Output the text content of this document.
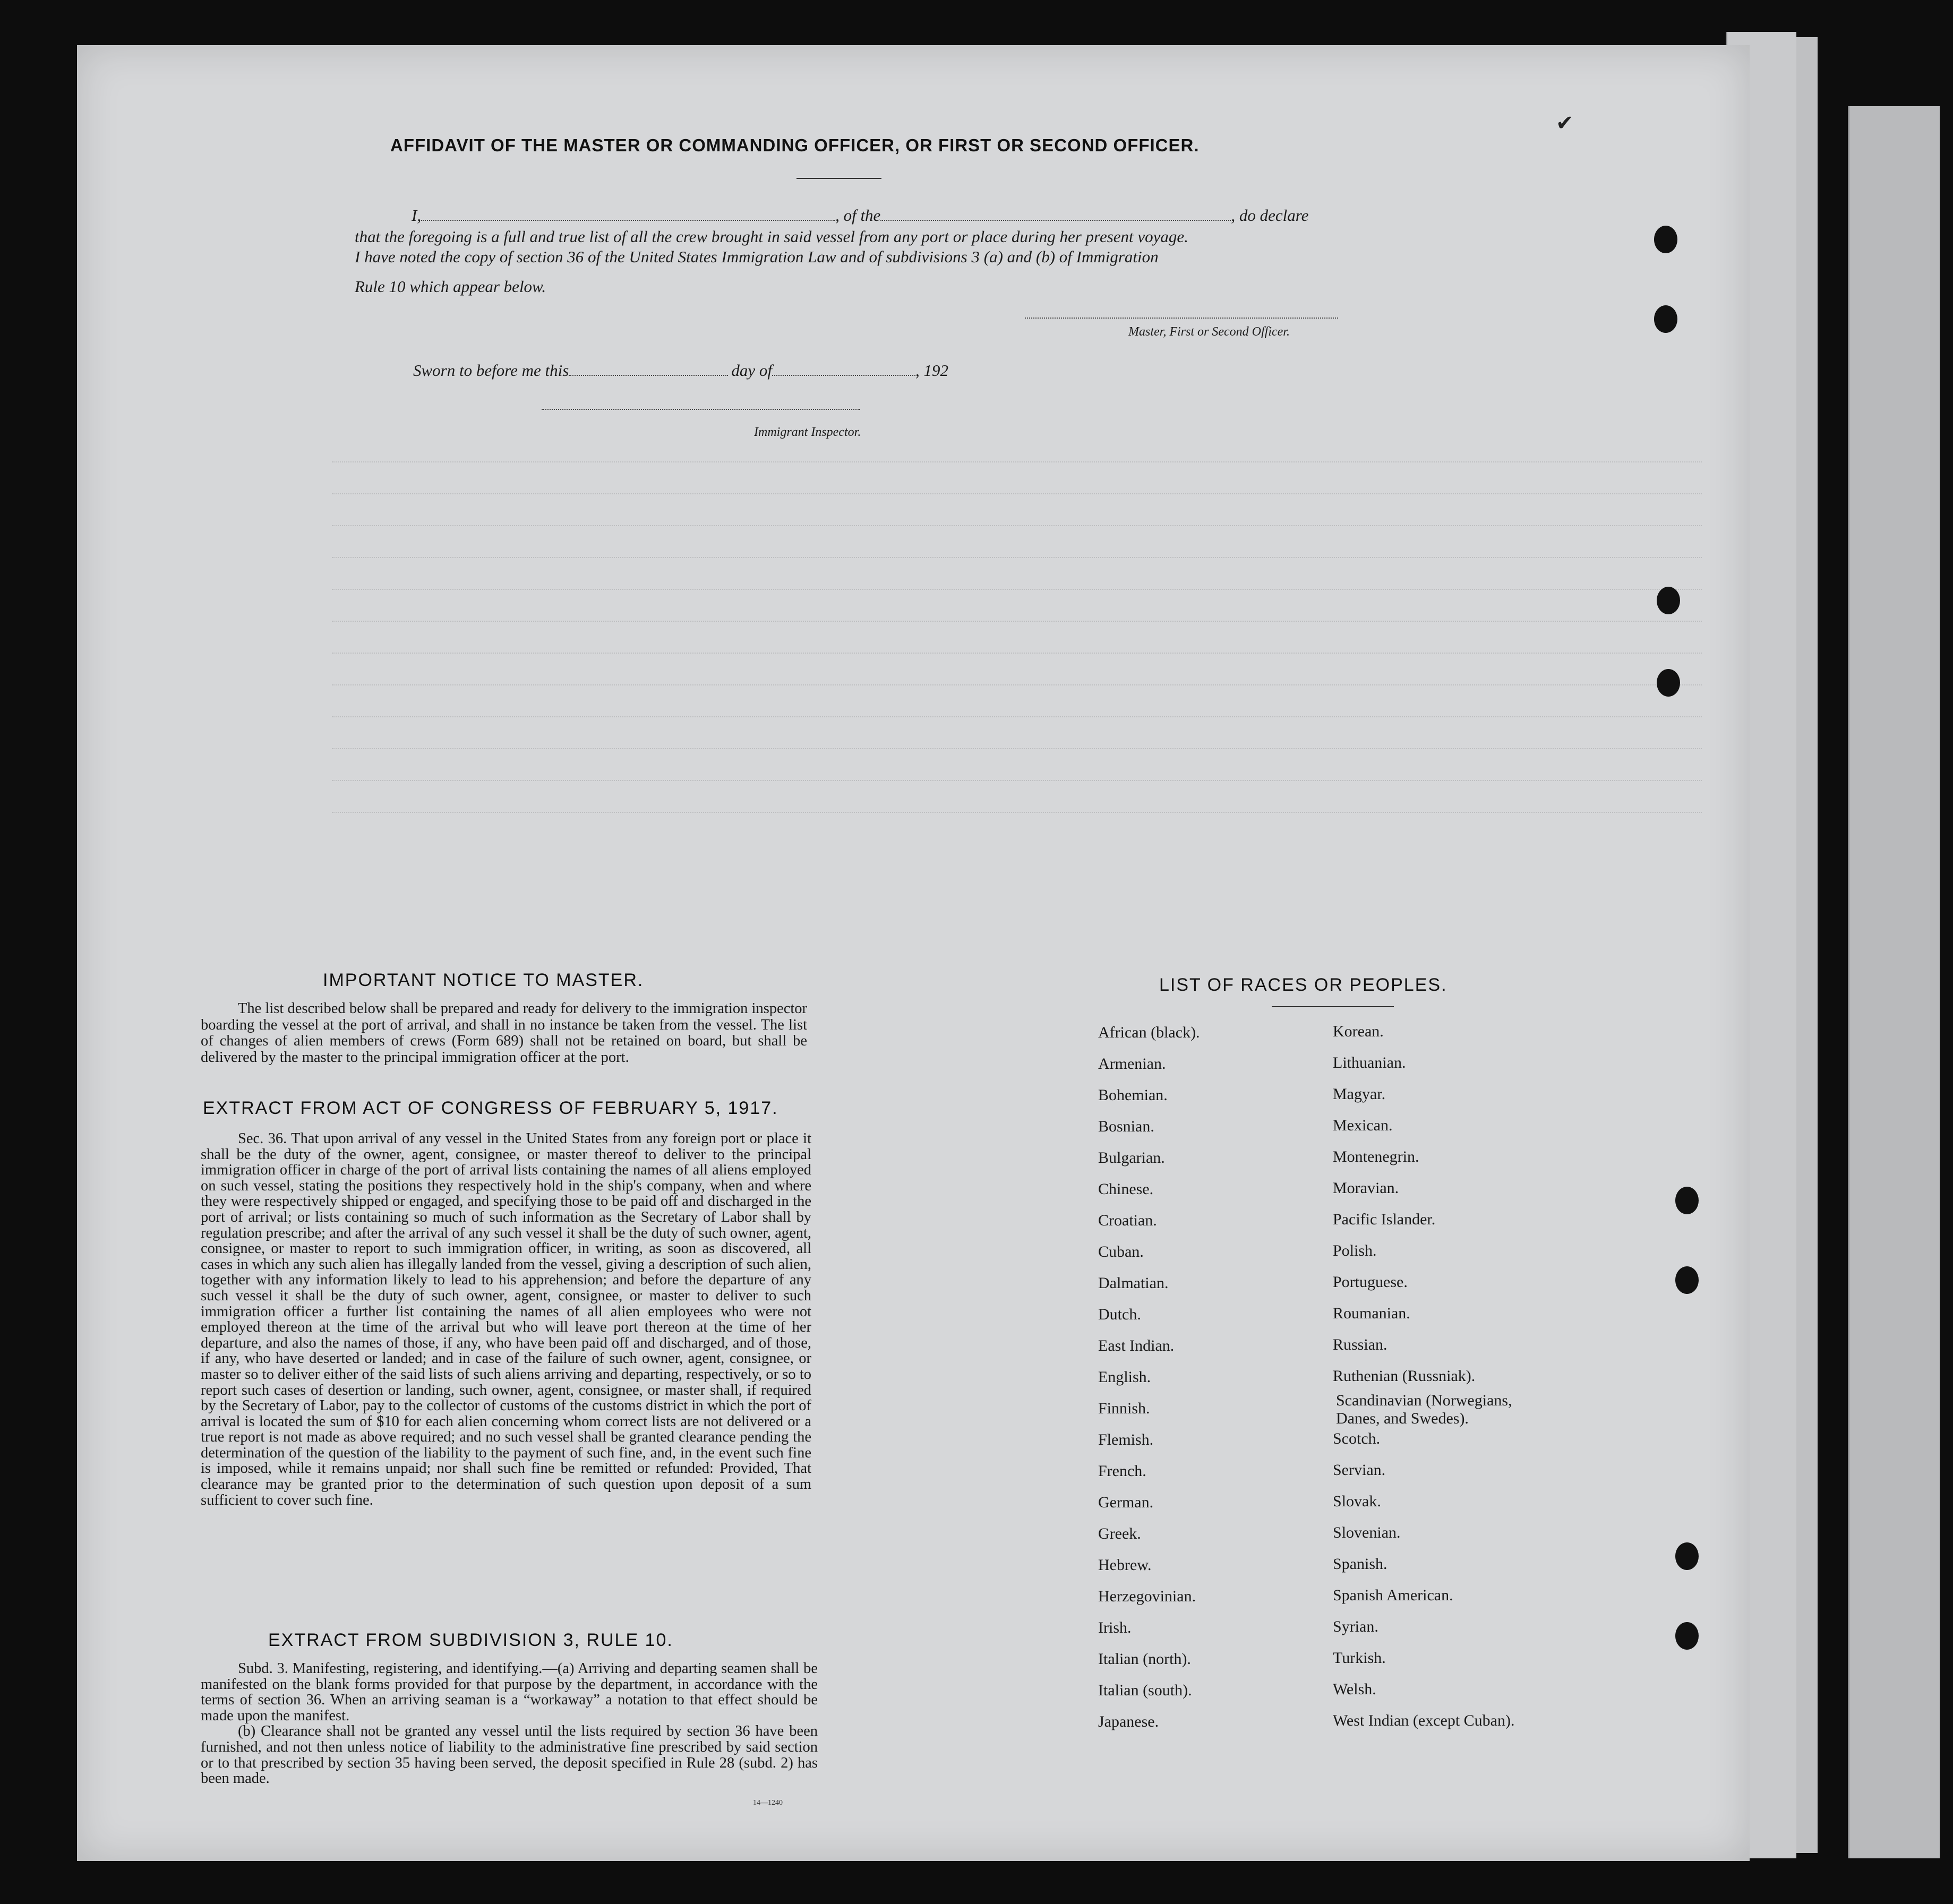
AFFIDAVIT OF THE MASTER OR COMMANDING OFFICER, OR FIRST OR SECOND OFFICER.
I,	, of the	, do declare
that the foregoing is a full and true list of all the crew brought in said vessel from any port or place during her present voyage.
I have noted the copy of section 36 of the United States Immigration Law and of subdivisions 3 (a) and (b) of Immigration
Rule 10 which appear below.
Master, First or Second Officer.
Sworn to before me this	day of	, 192
Immigrant Inspector.
✔
IMPORTANT NOTICE TO MASTER.

The list described below shall be prepared and ready for delivery to the immigration inspector boarding the vessel at the port of arrival, and shall in no instance be taken from the vessel. The list of changes of alien members of crews (Form 689) shall not be retained on board, but shall be delivered by the master to the principal immigration officer at the port.

EXTRACT FROM ACT OF CONGRESS OF FEBRUARY 5, 1917.

Sec. 36. That upon arrival of any vessel in the United States from any foreign port or place it shall be the duty of the owner, agent, consignee, or master thereof to deliver to the principal immigration officer in charge of the port of arrival lists containing the names of all aliens employed on such vessel, stating the positions they respectively hold in the ship's company, when and where they were respectively shipped or engaged, and specifying those to be paid off and discharged in the port of arrival; or lists containing so much of such information as the Secretary of Labor shall by regulation prescribe; and after the arrival of any such vessel it shall be the duty of such owner, agent, consignee, or master to report to such immigration officer, in writing, as soon as discovered, all cases in which any such alien has illegally landed from the vessel, giving a description of such alien, together with any information likely to lead to his apprehension; and before the departure of any such vessel it shall be the duty of such owner, agent, consignee, or master to deliver to such immigration officer a further list containing the names of all alien employees who were not employed thereon at the time of the arrival but who will leave port thereon at the time of her departure, and also the names of those, if any, who have been paid off and discharged, and of those, if any, who have deserted or landed; and in case of the failure of such owner, agent, consignee, or master so to deliver either of the said lists of such aliens arriving and departing, respectively, or so to report such cases of desertion or landing, such owner, agent, consignee, or master shall, if required by the Secretary of Labor, pay to the collector of customs of the customs district in which the port of arrival is located the sum of $10 for each alien concerning whom correct lists are not delivered or a true report is not made as above required; and no such vessel shall be granted clearance pending the determination of the question of the liability to the payment of such fine, and, in the event such fine is imposed, while it remains unpaid; nor shall such fine be remitted or refunded: Provided, That clearance may be granted prior to the determination of such question upon deposit of a sum sufficient to cover such fine.

EXTRACT FROM SUBDIVISION 3, RULE 10.

Subd. 3. Manifesting, registering, and identifying.—(a) Arriving and departing seamen shall be manifested on the blank forms provided for that purpose by the department, in accordance with the terms of section 36. When an arriving seaman is a “workaway” a notation to that effect should be made upon the manifest.

(b) Clearance shall not be granted any vessel until the lists required by section 36 have been furnished, and not then unless notice of liability to the administrative fine prescribed by said section or to that prescribed by section 35 having been served, the deposit specified in Rule 28 (subd. 2) has been made.

14—1240
LIST OF RACES OR PEOPLES.
African (black).
Armenian.
Bohemian.
Bosnian.
Bulgarian.
Chinese.
Croatian.
Cuban.
Dalmatian.
Dutch.
East Indian.
English.
Finnish.
Flemish.
French.
German.
Greek.
Hebrew.
Herzegovinian.
Irish.
Italian (north).
Italian (south).
Japanese.
Korean.
Lithuanian.
Magyar.
Mexican.
Montenegrin.
Moravian.
Pacific Islander.
Polish.
Portuguese.
Roumanian.
Russian.
Ruthenian (Russniak).
Scandinavian (Norwegians, Danes, and Swedes).
Scotch.
Servian.
Slovak.
Slovenian.
Spanish.
Spanish American.
Syrian.
Turkish.
Welsh.
West Indian (except Cuban).
